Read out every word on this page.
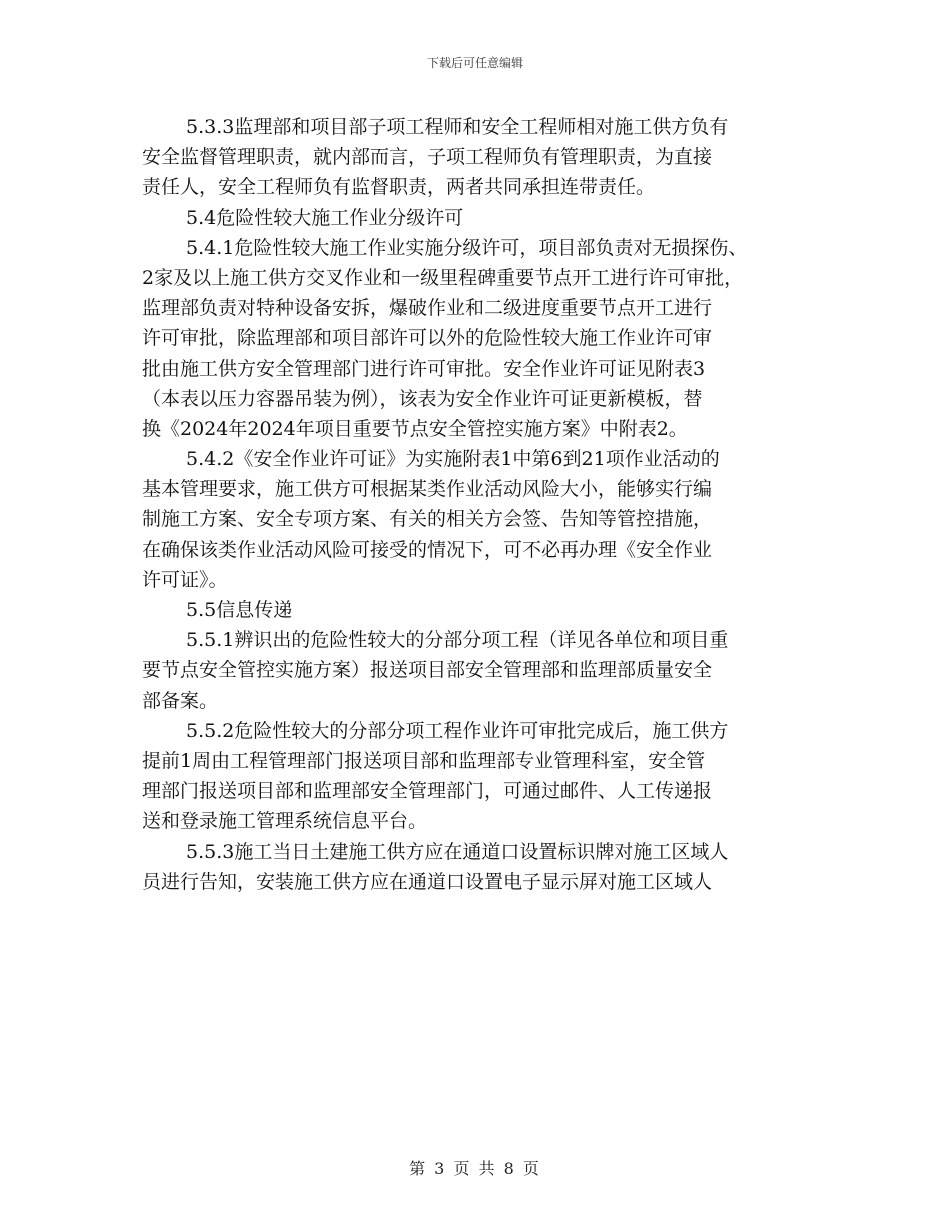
下载后可任意编辑
5.3.3监理部和项目部子项工程师和安全工程师相对施工供方负有
安全监督管理职责，就内部而言，子项工程师负有管理职责，为直接
责任人，安全工程师负有监督职责，两者共同承担连带责任。
5.4危险性较大施工作业分级许可
5.4.1危险性较大施工作业实施分级许可，项目部负责对无损探伤、
2家及以上施工供方交叉作业和一级里程碑重要节点开工进行许可审批，
监理部负责对特种设备安拆，爆破作业和二级进度重要节点开工进行
许可审批，除监理部和项目部许可以外的危险性较大施工作业许可审
批由施工供方安全管理部门进行许可审批。安全作业许可证见附表3
（本表以压力容器吊装为例），该表为安全作业许可证更新模板，替
换《2024年2024年项目重要节点安全管控实施方案》中附表2。
5.4.2《安全作业许可证》为实施附表1中第6到21项作业活动的
基本管理要求，施工供方可根据某类作业活动风险大小，能够实行编
制施工方案、安全专项方案、有关的相关方会签、告知等管控措施，
在确保该类作业活动风险可接受的情况下，可不必再办理《安全作业
许可证》。
5.5信息传递
5.5.1辨识出的危险性较大的分部分项工程（详见各单位和项目重
要节点安全管控实施方案）报送项目部安全管理部和监理部质量安全
部备案。
5.5.2危险性较大的分部分项工程作业许可审批完成后，施工供方
提前1周由工程管理部门报送项目部和监理部专业管理科室，安全管
理部门报送项目部和监理部安全管理部门，可通过邮件、人工传递报
送和登录施工管理系统信息平台。
5.5.3施工当日土建施工供方应在通道口设置标识牌对施工区域人
员进行告知，安装施工供方应在通道口设置电子显示屏对施工区域人
第 3 页 共 8 页
